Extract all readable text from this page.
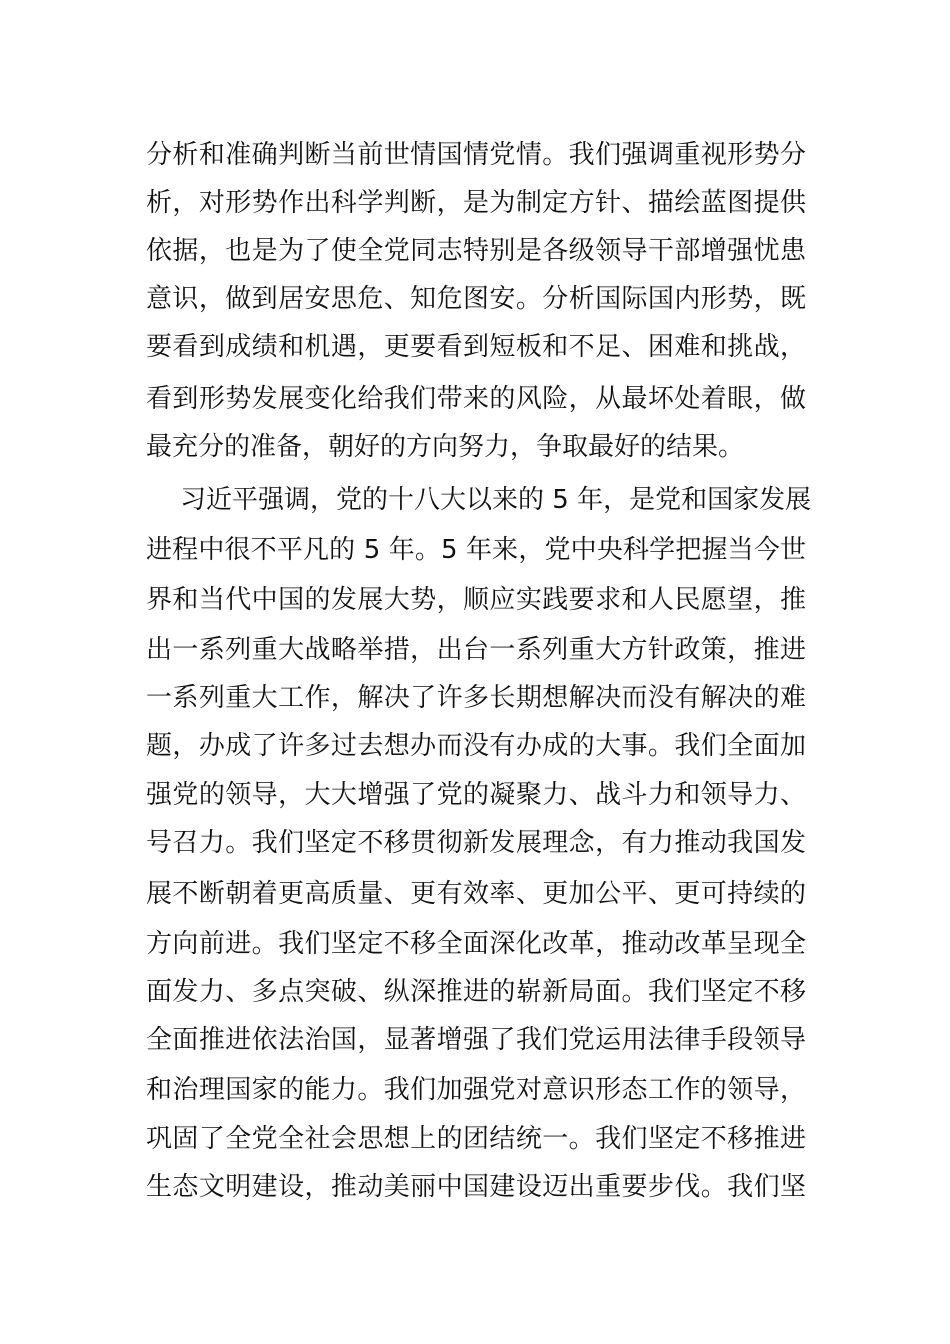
分析和准确判断当前世情国情党情。我们强调重视形势分
析，对形势作出科学判断，是为制定方针、描绘蓝图提供
依据，也是为了使全党同志特别是各级领导干部增强忧患
意识，做到居安思危、知危图安。分析国际国内形势，既
要看到成绩和机遇，更要看到短板和不足、困难和挑战，
看到形势发展变化给我们带来的风险，从最坏处着眼，做
最充分的准备，朝好的方向努力，争取最好的结果。
习近平强调，党的十八大以来的 5 年，是党和国家发展
进程中很不平凡的 5 年。5 年来，党中央科学把握当今世
界和当代中国的发展大势，顺应实践要求和人民愿望，推
出一系列重大战略举措，出台一系列重大方针政策，推进
一系列重大工作，解决了许多长期想解决而没有解决的难
题，办成了许多过去想办而没有办成的大事。我们全面加
强党的领导，大大增强了党的凝聚力、战斗力和领导力、
号召力。我们坚定不移贯彻新发展理念，有力推动我国发
展不断朝着更高质量、更有效率、更加公平、更可持续的
方向前进。我们坚定不移全面深化改革，推动改革呈现全
面发力、多点突破、纵深推进的崭新局面。我们坚定不移
全面推进依法治国，显著增强了我们党运用法律手段领导
和治理国家的能力。我们加强党对意识形态工作的领导，
巩固了全党全社会思想上的团结统一。我们坚定不移推进
生态文明建设，推动美丽中国建设迈出重要步伐。我们坚
